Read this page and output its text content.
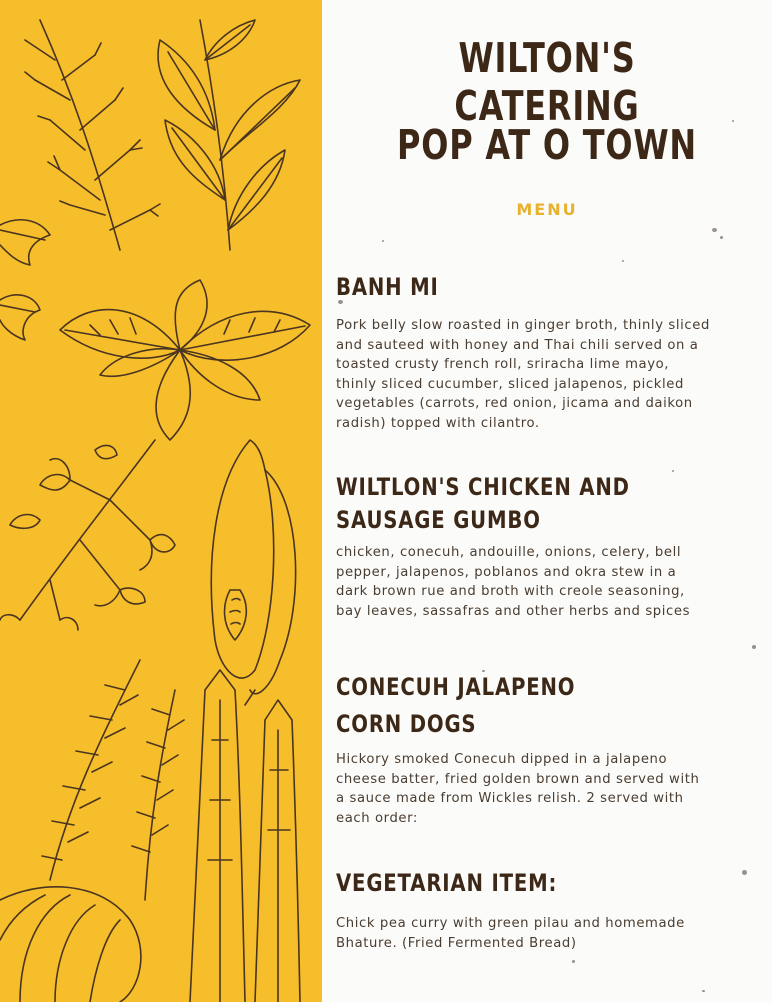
WILTON'S CATERING
POP AT O TOWN
MENU
BANH MI

Pork belly slow roasted in ginger broth, thinly sliced and sauteed with honey and Thai chili served on a toasted crusty french roll, sriracha lime mayo, thinly sliced cucumber, sliced jalapenos, pickled vegetables (carrots, red onion, jicama and daikon radish) topped with cilantro.

WILTLON'S CHICKEN AND
SAUSAGE GUMBO

chicken, conecuh, andouille, onions, celery, bell pepper, jalapenos, poblanos and okra stew in a dark brown rue and broth with creole seasoning, bay leaves, sassafras and other herbs and spices

CONECUH JALAPENO
CORN DOGS

Hickory smoked Conecuh dipped in a jalapeno cheese batter, fried golden brown and served with a sauce made from Wickles relish. 2 served with each order:

VEGETARIAN ITEM:

Chick pea curry with green pilau and homemade Bhature. (Fried Fermented Bread)
